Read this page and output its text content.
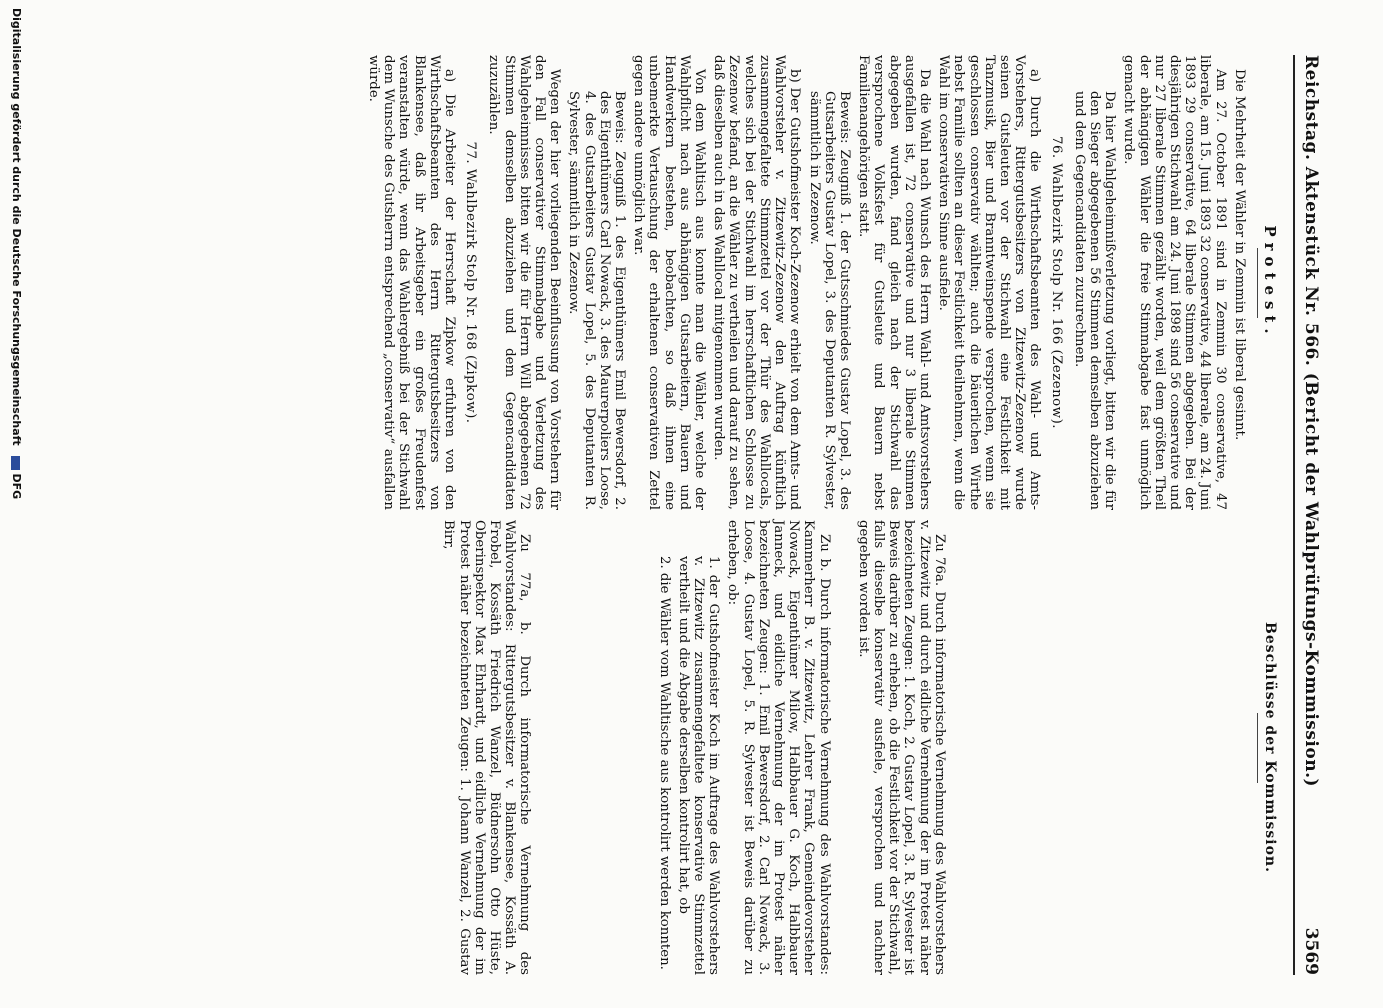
Reichstag. Aktenstück Nr. 566. (Bericht der Wahlprüfungs-Kommission.)
3569
Protest.

Die Mehrheit der Wähler in Zemmin ist liberal gesinnt.

Am 27. October 1891 sind in Zemmin 30 conservative, 47 liberale, am 15. Juni 1893 32 conservative, 44 liberale, am 24. Juni 1893 29 conservative, 64 liberale Stimmen abgegeben. Bei der diesjährigen Stichwahl am 24. Juni 1898 sind 56 conservative und nur 27 liberale Stimmen gezählt worden, weil dem größten Theil der abhängigen Wähler die freie Stimmabgabe fast unmöglich gemacht wurde.

Da hier Wahlgeheimnißverletzung vorliegt, bitten wir die für den Sieger abgegebenen 56 Stimmen demselben abzuziehen und dem Gegencandidaten zuzurechnen.

76. Wahlbezirk Stolp Nr. 166 (Zezenow).

a) Durch die Wirthschaftsbeamten des Wahl- und Amts-Vorstehers, Rittergutsbesitzers von Zitzewitz-Zezenow wurde seinen Gutsleuten vor der Stichwahl eine Festlichkeit mit Tanzmusik, Bier und Branntweinspende versprochen, wenn sie geschlossen conservativ wählten; auch die bäuerlichen Wirthe nebst Familie sollten an dieser Festlichkeit theilnehmen, wenn die Wahl im conservativen Sinne ausfiele.

Da die Wahl nach Wunsch des Herrn Wahl- und Amtsvorstehers ausgefallen ist, 72 conservative und nur 3 liberale Stimmen abgegeben wurden, fand gleich nach der Stichwahl das versprochene Volksfest für Gutsleute und Bauern nebst Familienangehörigen statt.

Beweis: Zeugniß 1. der Gutsschmiedes Gustav Lopel, 3. des Gutsarbeiters Gustav Lopel, 3. des Deputanten R. Sylvester, sämmtlich in Zezenow.

b) Der Gutshofmeister Koch-Zezenow erhielt von dem Amts- und Wahlvorsteher v. Zitzewitz-Zezenow den Auftrag künftlich zusammengefaltete Stimmzettel vor der Thür des Wahllocals, welches sich bei der Stichwahl im herrschaftlichen Schlosse zu Zezenow befand, an die Wähler zu vertheilen und darauf zu sehen, daß dieselben auch in das Wahllocal mitgenommen wurden.

Von dem Wahltisch aus konnte man die Wähler, welche der Wahlpflicht nach aus abhängigen Gutsarbeitern, Bauern und Handwerkern bestehen, beobachten, so daß ihnen eine unbemerkte Vertauschung der erhaltenen conservativen Zettel gegen andere unmöglich war.

Beweis: Zeugniß 1. des Eigenthümers Emil Bewersdorf, 2. des Eigenthümers Carl Nowack, 3. des Maurerpoliers Loose, 4. des Gutsarbeiters Gustav Lopel, 5. des Deputanten R. Sylvester, sämmtlich in Zezenow.

Wegen der hier vorliegenden Beeinflussung von Vorstehern für den Fall conservativer Stimmabgabe und Verletzung des Wahlgeheimnisses bitten wir die für Herrn Will abgegebenen 72 Stimmen demselben abzuziehen und dem Gegencandidaten zuzuzählen.

77. Wahlbezirk Stolp Nr. 168 (Zipkow).

a) Die Arbeiter der Herrschaft Zipkow erfuhren von den Wirthschaftsbeamten des Herrn Rittergutsbesitzers von Blankensee, daß ihr Arbeitsgeber ein großes Freudenfest veranstalten würde, wenn das Wahlergebniß bei der Stichwahl dem Wunsche des Gutsherrn entsprechend „conservativ“ ausfallen würde.

Beschlüsse der Kommission.

Zu 76a. Durch informatorische Vernehmung des Wahlvorstehers v. Zitzewitz und durch eidliche Vernehmung der im Protest näher bezeichneten Zeugen: 1. Koch, 2. Gustav Lopel, 3. R. Sylvester ist Beweis darüber zu erheben, ob die Festlichkeit vor der Stichwahl, falls dieselbe konservativ ausfiele, versprochen und nachher gegeben worden ist.

Zu b. Durch informatorische Vernehmung des Wahlvorstandes: Kammerherr B. v. Zitzewitz, Lehrer Frank, Gemeindevorsteher Nowack, Eigenthümer Milow, Halbbauer G. Koch, Halbbauer Janneck, und eidliche Vernehmung der im Protest näher bezeichneten Zeugen: 1. Emil Bewersdorf, 2. Carl Nowack, 3. Loose, 4. Gustav Lopel, 5. R. Sylvester ist Beweis darüber zu erheben, ob:

1. der Gutshofmeister Koch im Auftrage des Wahlvorstehers v. Zitzewitz zusammengefaltete konservative Stimmzettel vertheilt und die Abgabe derselben kontrolirt hat, ob

2. die Wähler vom Wahltische aus kontrolirt werden konnten.

Zu 77a, b. Durch informatorische Vernehmung des Wahlvorstandes: Rittergutsbesitzer v. Blankensee, Kossäth A. Frobel, Kossäth Friedrich Wanzel, Büdnersohn Otto Hüste, Oberinspektor Max Ehrhardt, und eidliche Vernehmung der im Protest näher bezeichneten Zeugen: 1. Johann Wanzel, 2. Gustav Birr,

Digitalisierung gefördert durch die Deutsche Forschungsgemeinschaft DFG
